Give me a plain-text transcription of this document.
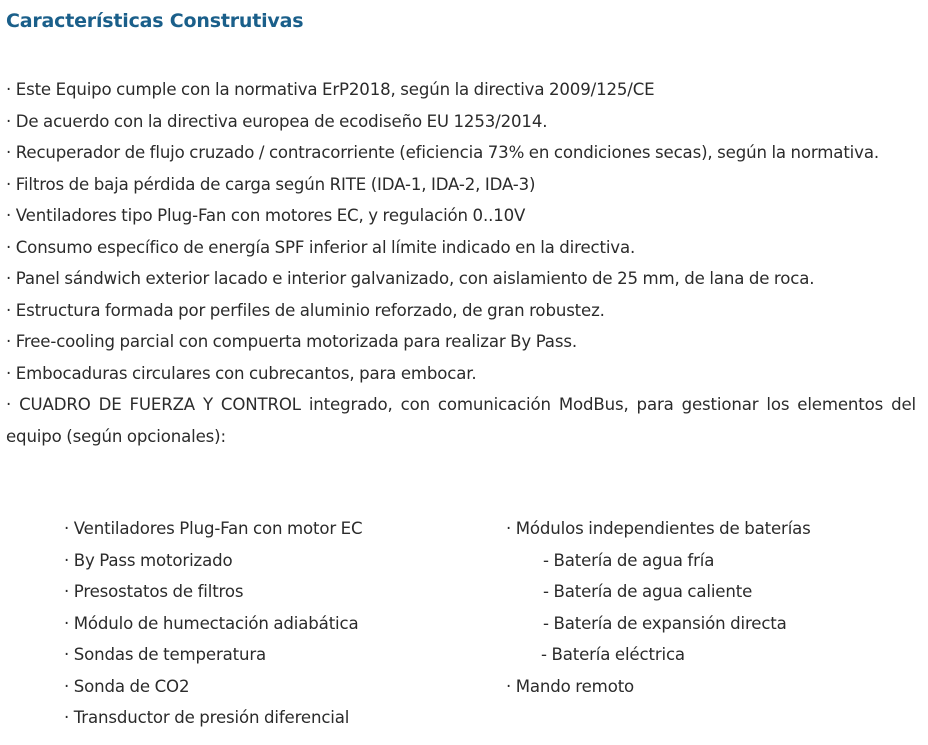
Características Construtivas
· Este Equipo cumple con la normativa ErP2018, según la directiva 2009/125/CE
· De acuerdo con la directiva europea de ecodiseño EU 1253/2014.
· Recuperador de flujo cruzado / contracorriente (eficiencia 73% en condiciones secas), según la normativa.
· Filtros de baja pérdida de carga según RITE (IDA-1, IDA-2, IDA-3)
· Ventiladores tipo Plug-Fan con motores EC, y regulación 0..10V
· Consumo específico de energía SPF inferior al límite indicado en la directiva.
· Panel sándwich exterior lacado e interior galvanizado, con aislamiento de 25 mm, de lana de roca.
· Estructura formada por perfiles de aluminio reforzado, de gran robustez.
· Free-cooling parcial con compuerta motorizada para realizar By Pass.
· Embocaduras circulares con cubrecantos, para embocar.
· CUADRO DE FUERZA Y CONTROL integrado, con comunicación ModBus, para gestionar los elementos del equipo (según opcionales):
· Ventiladores Plug-Fan con motor EC
· By Pass motorizado
· Presostatos de filtros
· Módulo de humectación adiabática
· Sondas de temperatura
· Sonda de CO2
· Transductor de presión diferencial
· Módulos independientes de baterías
- Batería de agua fría
- Batería de agua caliente
- Batería de expansión directa
- Batería eléctrica
· Mando remoto
